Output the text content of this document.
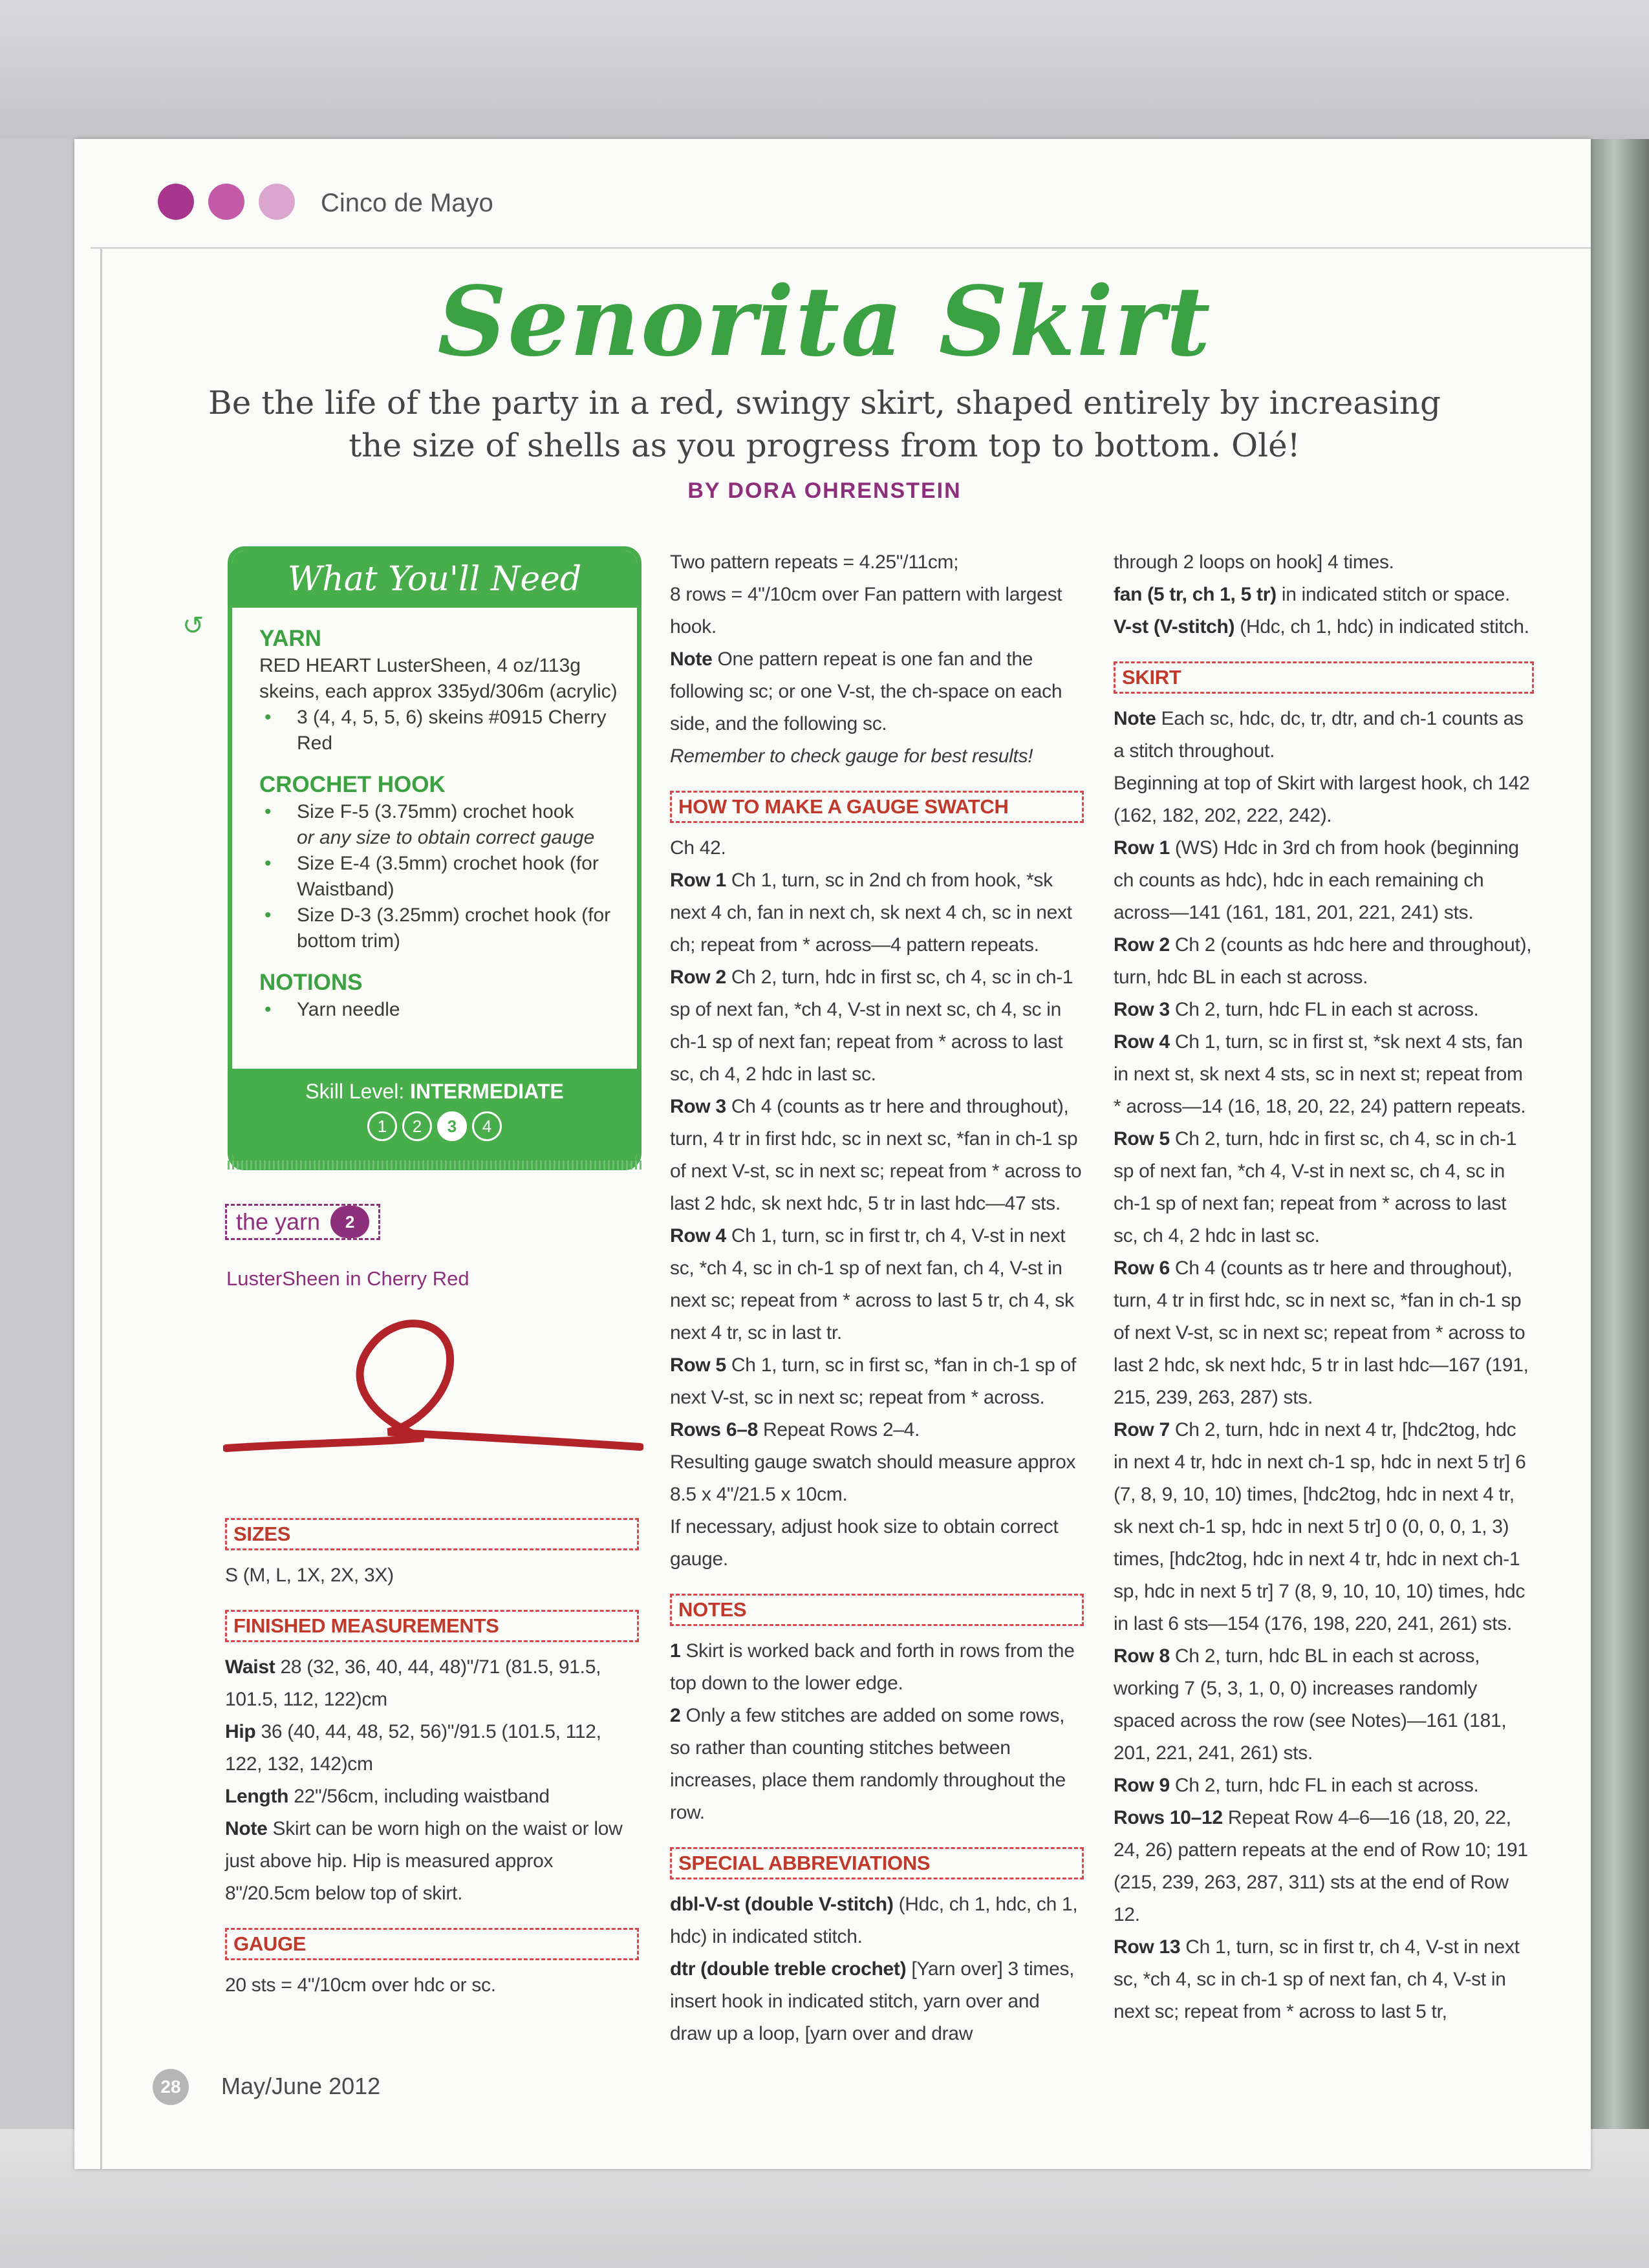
Cinco de Mayo
Senorita Skirt
Be the life of the party in a red, swingy skirt, shaped entirely by increasing the size of shells as you progress from top to bottom. Olé!
BY DORA OHRENSTEIN
↺
What You'll Need
YARN
RED HEART LusterSheen, 4 oz/113g skeins, each approx 335yd/306m (acrylic)
• 3 (4, 4, 5, 5, 6) skeins #0915 Cherry Red
CROCHET HOOK
• Size F-5 (3.75mm) crochet hook
or any size to obtain correct gauge
• Size E-4 (3.5mm) crochet hook (for Waistband)
• Size D-3 (3.25mm) crochet hook (for bottom trim)
NOTIONS
• Yarn needle
Skill Level: INTERMEDIATE
1	2	3	4
the yarn	2
LusterSheen in Cherry Red
SIZES

S (M, L, 1X, 2X, 3X)

FINISHED MEASUREMENTS

Waist 28 (32, 36, 40, 44, 48)"/71 (81.5, 91.5, 101.5, 112, 122)cm

Hip 36 (40, 44, 48, 52, 56)"/91.5 (101.5, 112, 122, 132, 142)cm

Length 22"/56cm, including waistband

Note Skirt can be worn high on the waist or low just above hip. Hip is measured approx 8"/20.5cm below top of skirt.

GAUGE

20 sts = 4"/10cm over hdc or sc.

Two pattern repeats = 4.25"/11cm;

8 rows = 4"/10cm over Fan pattern with largest hook.

Note One pattern repeat is one fan and the following sc; or one V-st, the ch-space on each side, and the following sc.

Remember to check gauge for best results!

HOW TO MAKE A GAUGE SWATCH

Ch 42.

Row 1 Ch 1, turn, sc in 2nd ch from hook, *sk next 4 ch, fan in next ch, sk next 4 ch, sc in next ch; repeat from * across—4 pattern repeats.

Row 2 Ch 2, turn, hdc in first sc, ch 4, sc in ch-1 sp of next fan, *ch 4, V-st in next sc, ch 4, sc in ch-1 sp of next fan; repeat from * across to last sc, ch 4, 2 hdc in last sc.

Row 3 Ch 4 (counts as tr here and throughout), turn, 4 tr in first hdc, sc in next sc, *fan in ch-1 sp of next V-st, sc in next sc; repeat from * across to last 2 hdc, sk next hdc, 5 tr in last hdc—47 sts.

Row 4 Ch 1, turn, sc in first tr, ch 4, V-st in next sc, *ch 4, sc in ch-1 sp of next fan, ch 4, V-st in next sc; repeat from * across to last 5 tr, ch 4, sk next 4 tr, sc in last tr.

Row 5 Ch 1, turn, sc in first sc, *fan in ch-1 sp of next V-st, sc in next sc; repeat from * across.

Rows 6–8 Repeat Rows 2–4.

Resulting gauge swatch should measure approx 8.5 x 4"/21.5 x 10cm.

If necessary, adjust hook size to obtain correct gauge.

NOTES

1 Skirt is worked back and forth in rows from the top down to the lower edge.

2 Only a few stitches are added on some rows, so rather than counting stitches between increases, place them randomly throughout the row.

SPECIAL ABBREVIATIONS

dbl-V-st (double V-stitch) (Hdc, ch 1, hdc, ch 1, hdc) in indicated stitch.

dtr (double treble crochet) [Yarn over] 3 times, insert hook in indicated stitch, yarn over and draw up a loop, [yarn over and draw

through 2 loops on hook] 4 times.

fan (5 tr, ch 1, 5 tr) in indicated stitch or space.

V-st (V-stitch) (Hdc, ch 1, hdc) in indicated stitch.

SKIRT

Note Each sc, hdc, dc, tr, dtr, and ch-1 counts as a stitch throughout.

Beginning at top of Skirt with largest hook, ch 142 (162, 182, 202, 222, 242).

Row 1 (WS) Hdc in 3rd ch from hook (beginning ch counts as hdc), hdc in each remaining ch across—141 (161, 181, 201, 221, 241) sts.

Row 2 Ch 2 (counts as hdc here and throughout), turn, hdc BL in each st across.

Row 3 Ch 2, turn, hdc FL in each st across.

Row 4 Ch 1, turn, sc in first st, *sk next 4 sts, fan in next st, sk next 4 sts, sc in next st; repeat from * across—14 (16, 18, 20, 22, 24) pattern repeats.

Row 5 Ch 2, turn, hdc in first sc, ch 4, sc in ch-1 sp of next fan, *ch 4, V-st in next sc, ch 4, sc in ch-1 sp of next fan; repeat from * across to last sc, ch 4, 2 hdc in last sc.

Row 6 Ch 4 (counts as tr here and throughout), turn, 4 tr in first hdc, sc in next sc, *fan in ch-1 sp of next V-st, sc in next sc; repeat from * across to last 2 hdc, sk next hdc, 5 tr in last hdc—167 (191, 215, 239, 263, 287) sts.

Row 7 Ch 2, turn, hdc in next 4 tr, [hdc2tog, hdc in next 4 tr, hdc in next ch-1 sp, hdc in next 5 tr] 6 (7, 8, 9, 10, 10) times, [hdc2tog, hdc in next 4 tr, sk next ch-1 sp, hdc in next 5 tr] 0 (0, 0, 0, 1, 3) times, [hdc2tog, hdc in next 4 tr, hdc in next ch-1 sp, hdc in next 5 tr] 7 (8, 9, 10, 10, 10) times, hdc in last 6 sts—154 (176, 198, 220, 241, 261) sts.

Row 8 Ch 2, turn, hdc BL in each st across, working 7 (5, 3, 1, 0, 0) increases randomly spaced across the row (see Notes)—161 (181, 201, 221, 241, 261) sts.

Row 9 Ch 2, turn, hdc FL in each st across.

Rows 10–12 Repeat Row 4–6—16 (18, 20, 22, 24, 26) pattern repeats at the end of Row 10; 191 (215, 239, 263, 287, 311) sts at the end of Row 12.

Row 13 Ch 1, turn, sc in first tr, ch 4, V-st in next sc, *ch 4, sc in ch-1 sp of next fan, ch 4, V-st in next sc; repeat from * across to last 5 tr,

28	May/June 2012
